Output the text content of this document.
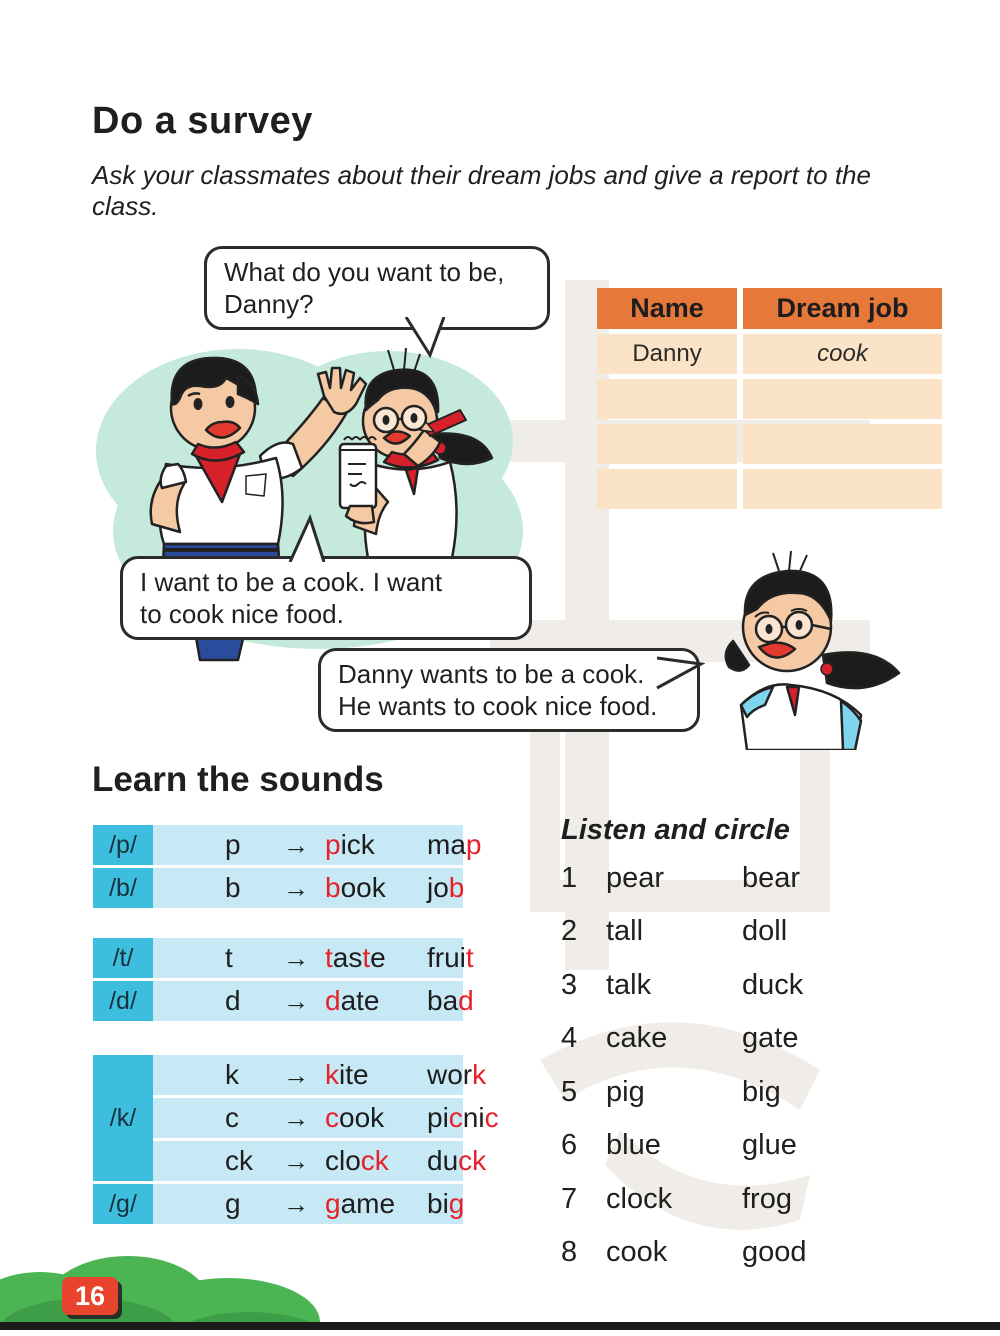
What do you want to be,
Danny?
I want to be a cook. I want
to cook nice food.
Danny wants to be a cook.
He wants to cook nice food.
Do a survey
Ask your classmates about their dream jobs and give a report to the
class.
Name	Dream job
Danny	cook
Learn the sounds
/p/	p	→ pick map
/b/	b	→ book job
/t/	t	→ taste fruit
/d/	d	→ date bad
/k/
k	→ kite work
c	→ cook picnic
ck	→ clock duck
/g/	g	→ game big
Listen and circle
1 pear	bear
2 tall	doll
3 talk	duck
4 cake	gate
5 pig	big
6 blue	glue
7 clock frog
8 cook	good
16
